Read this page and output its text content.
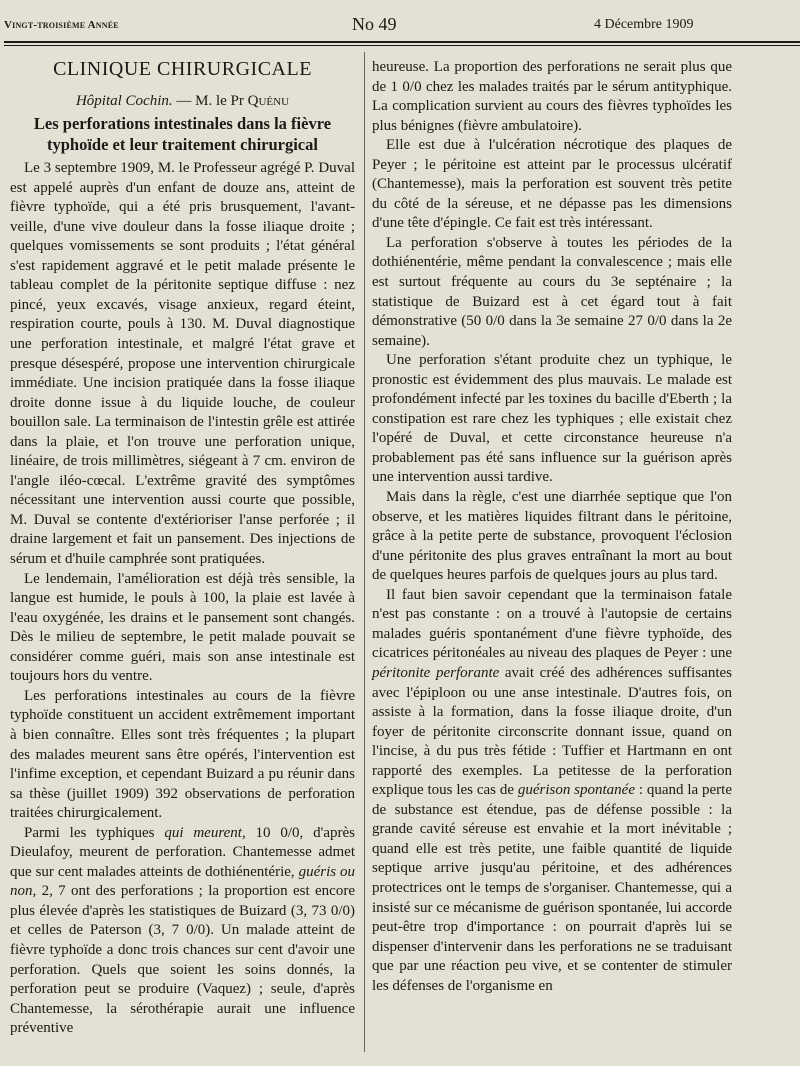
Vingt-troisième Année	No 49	4 Décembre 1909
CLINIQUE CHIRURGICALE
Hôpital Cochin. — M. le Pr Quénu
Les perforations intestinales dans la fièvre typhoïde et leur traitement chirurgical

Le 3 septembre 1909, M. le Professeur agrégé P. Duval est appelé auprès d'un enfant de douze ans, atteint de fièvre typhoïde, qui a été pris brusquement, l'avant-veille, d'une vive douleur dans la fosse iliaque droite ; quelques vomissements se sont produits ; l'état général s'est rapidement aggravé et le petit malade présente le tableau complet de la péritonite septique diffuse : nez pincé, yeux excavés, visage anxieux, regard éteint, respiration courte, pouls à 130. M. Duval diagnostique une perforation intestinale, et malgré l'état grave et presque désespéré, propose une intervention chirurgicale immédiate. Une incision pratiquée dans la fosse iliaque droite donne issue à du liquide louche, de couleur bouillon sale. La terminaison de l'intestin grêle est attirée dans la plaie, et l'on trouve une perforation unique, linéaire, de trois millimètres, siégeant à 7 cm. environ de l'angle iléo-cœcal. L'extrême gravité des symptômes nécessitant une intervention aussi courte que possible, M. Duval se contente d'extérioriser l'anse perforée ; il draine largement et fait un pansement. Des injections de sérum et d'huile camphrée sont pratiquées.

Le lendemain, l'amélioration est déjà très sensible, la langue est humide, le pouls à 100, la plaie est lavée à l'eau oxygénée, les drains et le pansement sont changés. Dès le milieu de septembre, le petit malade pouvait se considérer comme guéri, mais son anse intestinale est toujours hors du ventre.

Les perforations intestinales au cours de la fièvre typhoïde constituent un accident extrêmement important à bien connaître. Elles sont très fréquentes ; la plupart des malades meurent sans être opérés, l'intervention est l'infime exception, et cependant Buizard a pu réunir dans sa thèse (juillet 1909) 392 observations de perforation traitées chirurgicalement.

Parmi les typhiques qui meurent, 10 0/0, d'après Dieulafoy, meurent de perforation. Chantemesse admet que sur cent malades atteints de dothiénentérie, guéris ou non, 2, 7 ont des perforations ; la proportion est encore plus élevée d'après les statistiques de Buizard (3, 73 0/0) et celles de Paterson (3, 7 0/0). Un malade atteint de fièvre typhoïde a donc trois chances sur cent d'avoir une perforation. Quels que soient les soins donnés, la perforation peut se produire (Vaquez) ; seule, d'après Chantemesse, la sérothérapie aurait une influence préventive

heureuse. La proportion des perforations ne serait plus que de 1 0/0 chez les malades traités par le sérum antityphique. La complication survient au cours des fièvres typhoïdes les plus bénignes (fièvre ambulatoire).

Elle est due à l'ulcération nécrotique des plaques de Peyer ; le péritoine est atteint par le processus ulcératif (Chantemesse), mais la perforation est souvent très petite du côté de la séreuse, et ne dépasse pas les dimensions d'une tête d'épingle. Ce fait est très intéressant.

La perforation s'observe à toutes les périodes de la dothiénentérie, même pendant la convalescence ; mais elle est surtout fréquente au cours du 3e septénaire ; la statistique de Buizard est à cet égard tout à fait démonstrative (50 0/0 dans la 3e semaine 27 0/0 dans la 2e semaine).

Une perforation s'étant produite chez un typhique, le pronostic est évidemment des plus mauvais. Le malade est profondément infecté par les toxines du bacille d'Eberth ; la constipation est rare chez les typhiques ; elle existait chez l'opéré de Duval, et cette circonstance heureuse n'a probablement pas été sans influence sur la guérison après une intervention aussi tardive.

Mais dans la règle, c'est une diarrhée septique que l'on observe, et les matières liquides filtrant dans le péritoine, grâce à la petite perte de substance, provoquent l'éclosion d'une péritonite des plus graves entraînant la mort au bout de quelques heures parfois de quelques jours au plus tard.

Il faut bien savoir cependant que la terminaison fatale n'est pas constante : on a trouvé à l'autopsie de certains malades guéris spontanément d'une fièvre typhoïde, des cicatrices péritonéales au niveau des plaques de Peyer : une péritonite perforante avait créé des adhérences suffisantes avec l'épiploon ou une anse intestinale. D'autres fois, on assiste à la formation, dans la fosse iliaque droite, d'un foyer de péritonite circonscrite donnant issue, quand on l'incise, à du pus très fétide : Tuffier et Hartmann en ont rapporté des exemples. La petitesse de la perforation explique tous les cas de guérison spontanée : quand la perte de substance est étendue, pas de défense possible : la grande cavité séreuse est envahie et la mort inévitable ; quand elle est très petite, une faible quantité de liquide septique arrive jusqu'au péritoine, et des adhérences protectrices ont le temps de s'organiser. Chantemesse, qui a insisté sur ce mécanisme de guérison spontanée, lui accorde peut-être trop d'importance : on pourrait d'après lui se dispenser d'intervenir dans les perforations ne se traduisant que par une réaction peu vive, et se contenter de stimuler les défenses de l'organisme en
